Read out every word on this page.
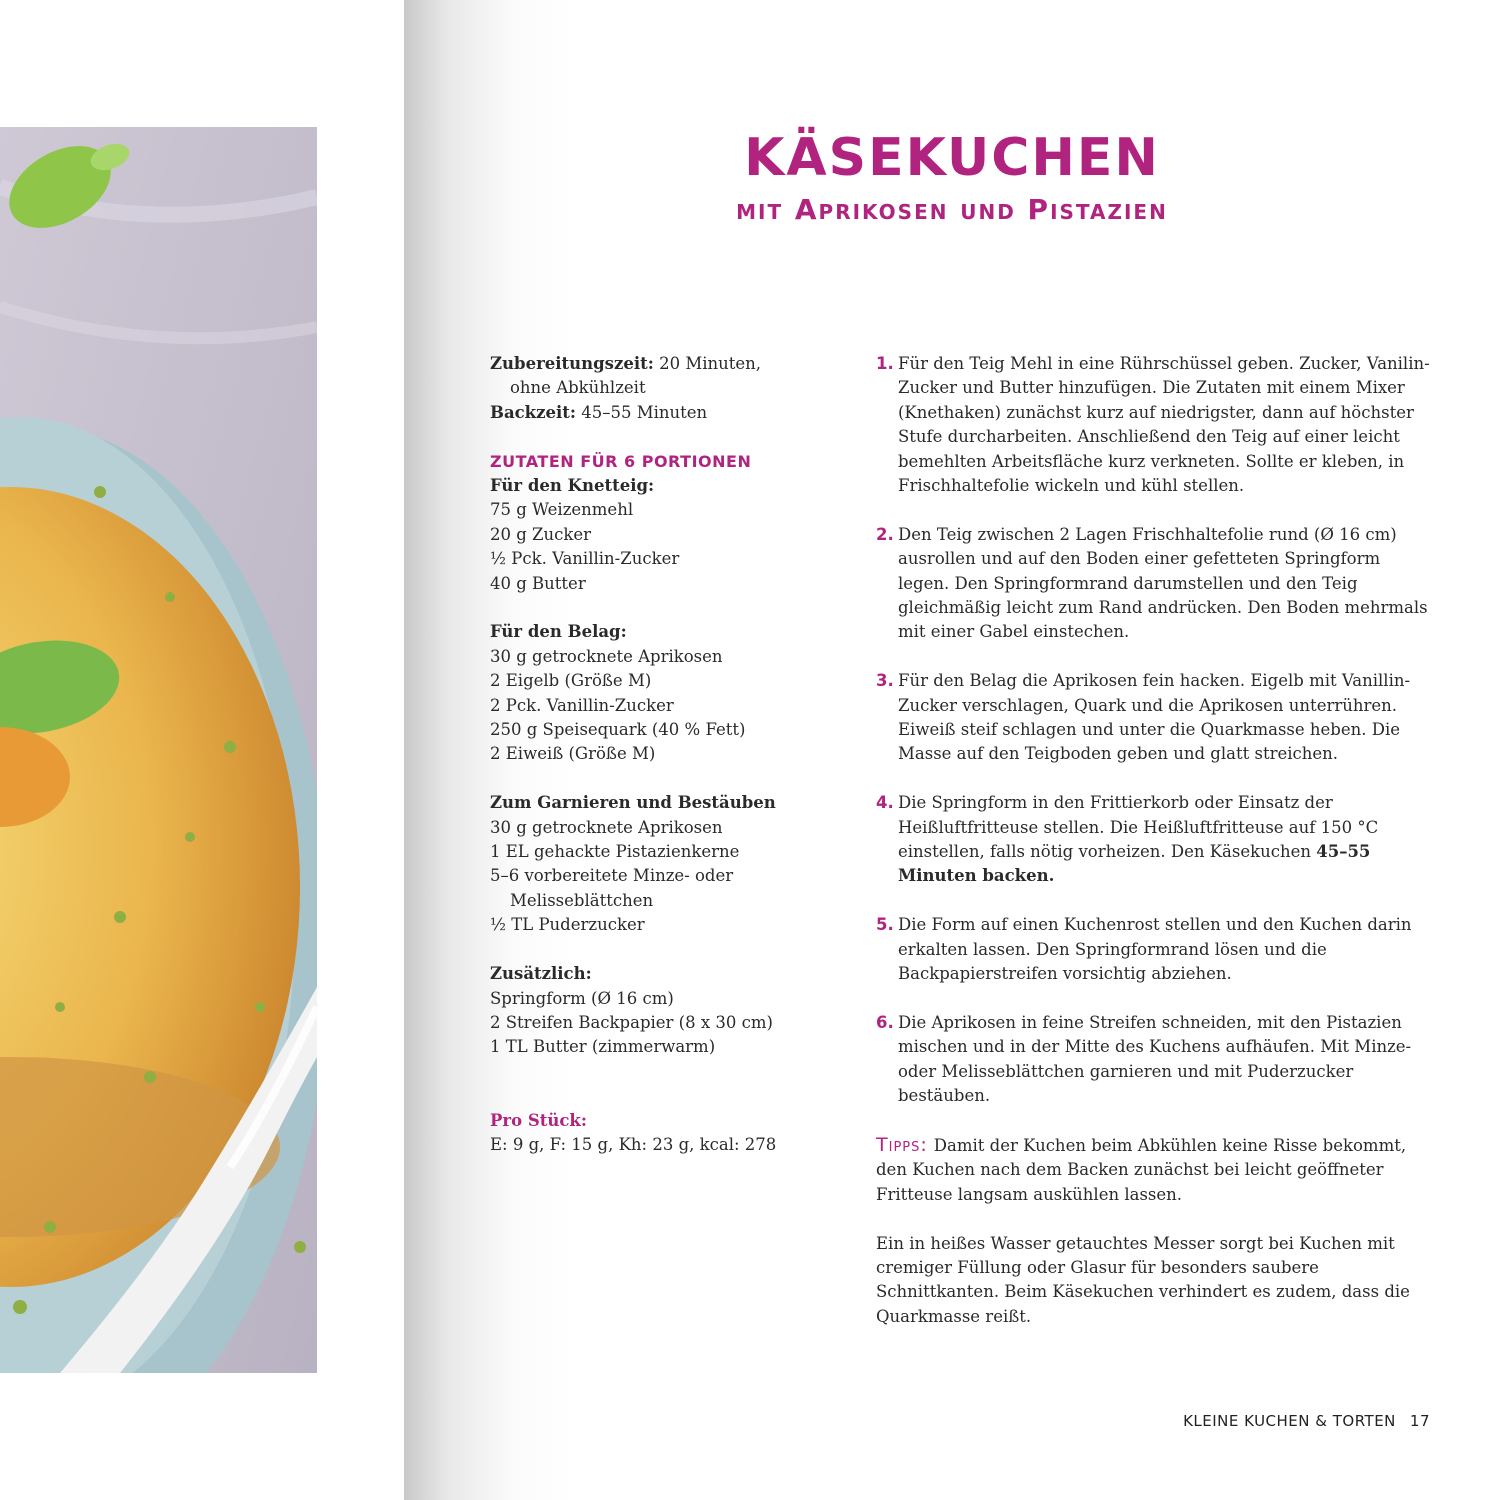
KÄSEKUCHEN
mit Aprikosen und Pistazien

Zubereitungszeit: 20 Minuten,

ohne Abkühlzeit

Backzeit: 45–55 Minuten

ZUTATEN FÜR 6 PORTIONEN

Für den Knetteig:

75 g Weizenmehl

20 g Zucker

½ Pck. Vanillin-Zucker

40 g Butter

Für den Belag:

30 g getrocknete Aprikosen

2 Eigelb (Größe M)

2 Pck. Vanillin-Zucker

250 g Speisequark (40 % Fett)

2 Eiweiß (Größe M)

Zum Garnieren und Bestäuben

30 g getrocknete Aprikosen

1 EL gehackte Pistazienkerne

5–6 vorbereitete Minze- oder Melisseblättchen

½ TL Puderzucker

Zusätzlich:

Springform (Ø 16 cm)

2 Streifen Backpapier (8 x 30 cm)

1 TL Butter (zimmerwarm)

Pro Stück:

E: 9 g, F: 15 g, Kh: 23 g, kcal: 278

1. Für den Teig Mehl in eine Rührschüssel geben. Zucker, Vanilin-Zucker und Butter hinzufügen. Die Zutaten mit einem Mixer (Knethaken) zunächst kurz auf niedrigster, dann auf höchster Stufe durcharbeiten. Anschließend den Teig auf einer leicht bemehlten Arbeitsfläche kurz verkneten. Sollte er kleben, in Frischhaltefolie wickeln und kühl stellen.

2. Den Teig zwischen 2 Lagen Frischhaltefolie rund (Ø 16 cm) ausrollen und auf den Boden einer gefetteten Springform legen. Den Springformrand darumstellen und den Teig gleichmäßig leicht zum Rand andrücken. Den Boden mehrmals mit einer Gabel einstechen.

3. Für den Belag die Aprikosen fein hacken. Eigelb mit Vanillin-Zucker verschlagen, Quark und die Aprikosen unterrühren. Eiweiß steif schlagen und unter die Quarkmasse heben. Die Masse auf den Teigboden geben und glatt streichen.

4. Die Springform in den Frittierkorb oder Einsatz der Heißluftfritteuse stellen. Die Heißluftfritteuse auf 150 °C einstellen, falls nötig vorheizen. Den Käsekuchen 45–55 Minuten backen.

5. Die Form auf einen Kuchenrost stellen und den Kuchen darin erkalten lassen. Den Springformrand lösen und die Backpapierstreifen vorsichtig abziehen.

6. Die Aprikosen in feine Streifen schneiden, mit den Pistazien mischen und in der Mitte des Kuchens aufhäufen. Mit Minze- oder Melisseblättchen garnieren und mit Puderzucker bestäuben.

Tipps: Damit der Kuchen beim Abkühlen keine Risse bekommt, den Kuchen nach dem Backen zunächst bei leicht geöffneter Fritteuse langsam auskühlen lassen.

Ein in heißes Wasser getauchtes Messer sorgt bei Kuchen mit cremiger Füllung oder Glasur für besonders saubere Schnittkanten. Beim Käsekuchen verhindert es zudem, dass die Quarkmasse reißt.

KLEINE KUCHEN & TORTEN 17
